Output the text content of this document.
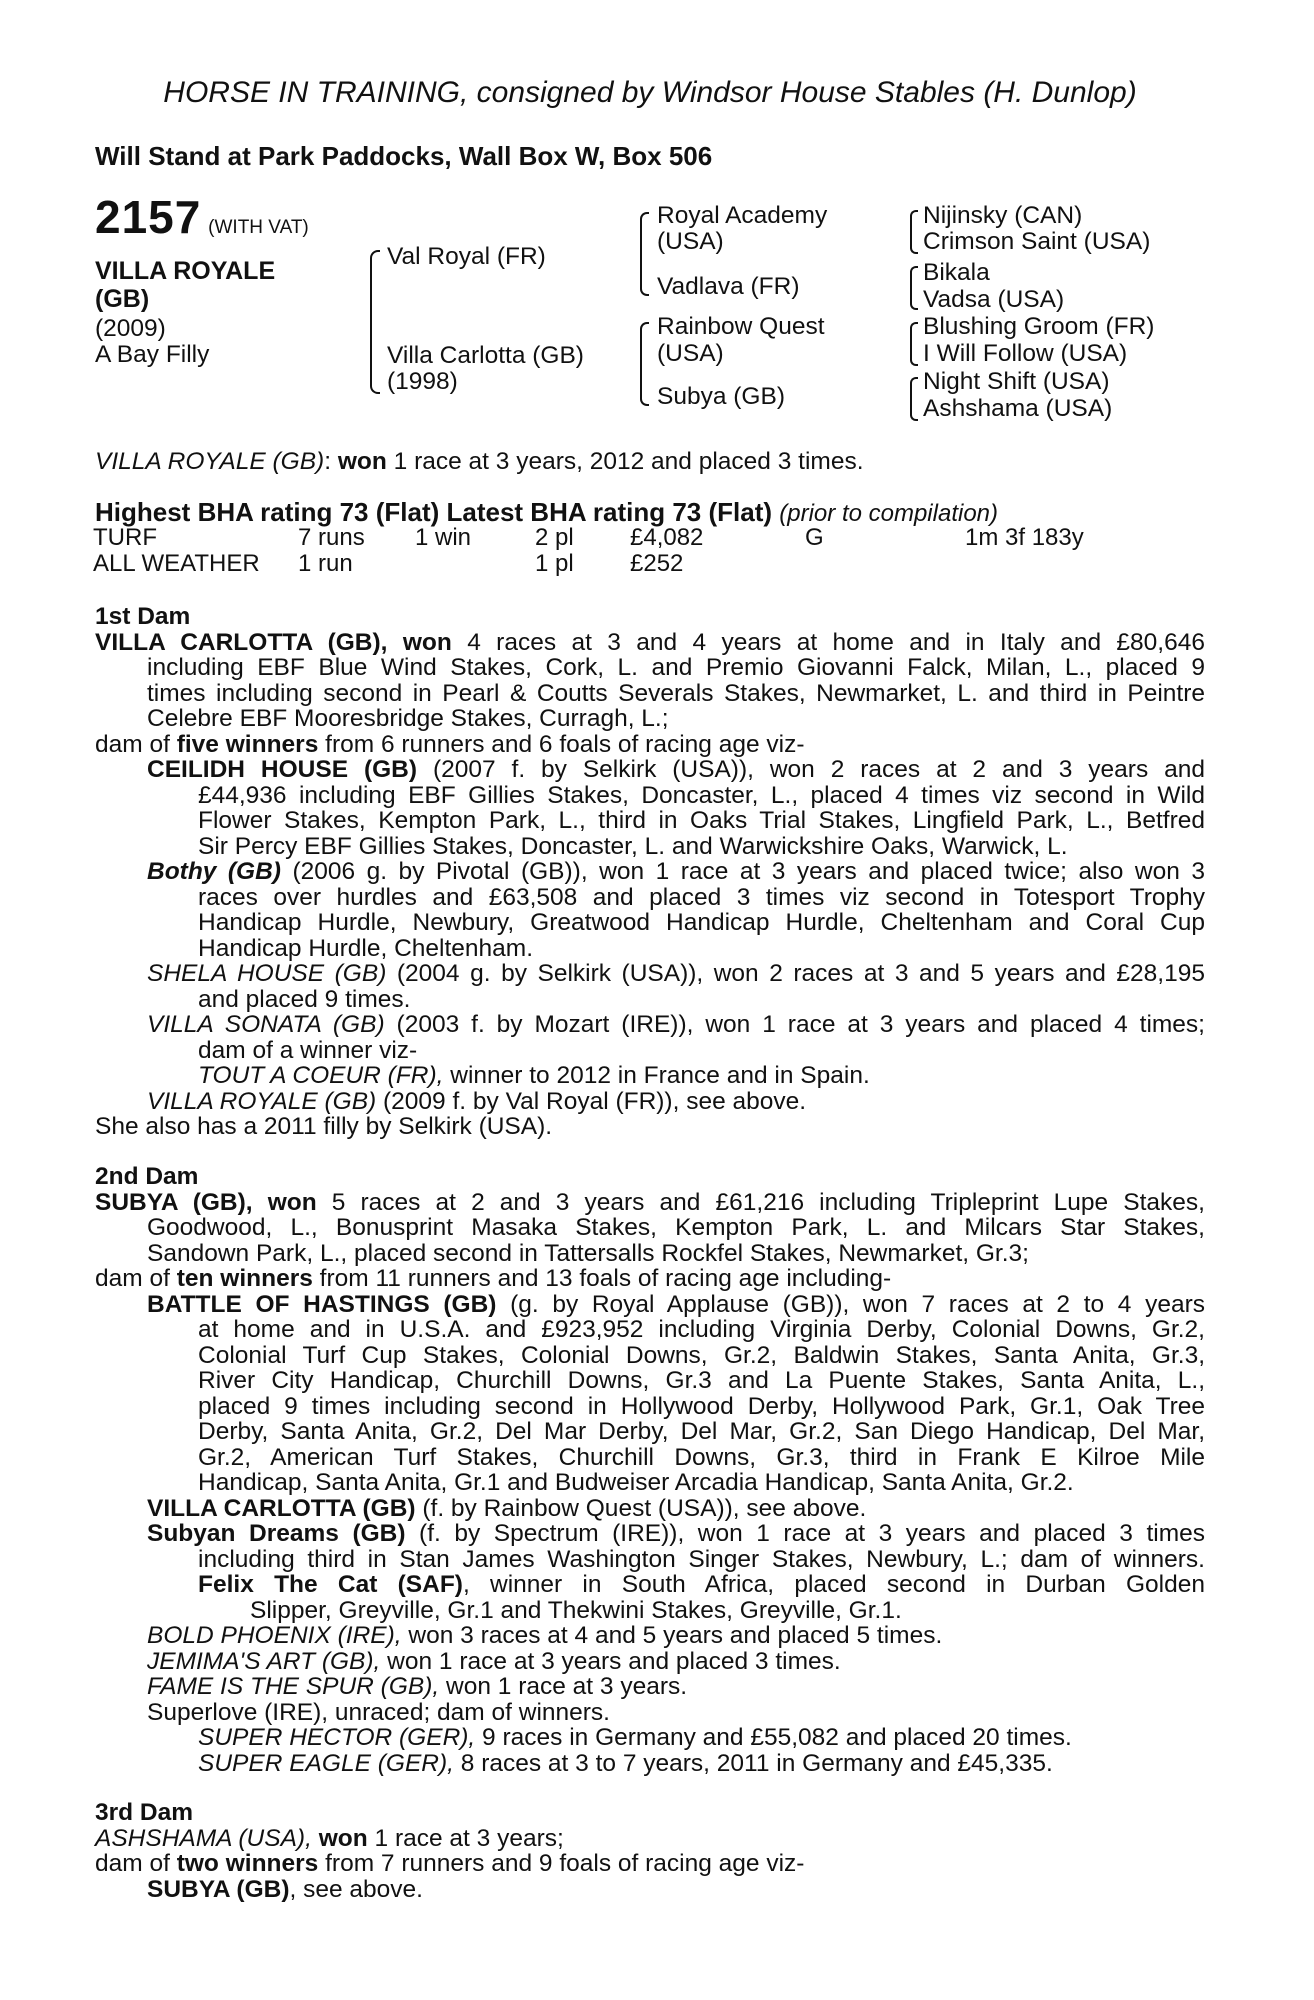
HORSE IN TRAINING, consigned by Windsor House Stables (H. Dunlop)
Will Stand at Park Paddocks, Wall Box W, Box 506
2157 (WITH VAT)
VILLA ROYALE
(GB)
(2009)
A Bay Filly
Val Royal (FR)
Villa Carlotta (GB)
(1998)
Royal Academy
(USA)
Vadlava (FR)
Rainbow Quest
(USA)
Subya (GB)
Nijinsky (CAN)
Crimson Saint (USA)
Bikala
Vadsa (USA)
Blushing Groom (FR)
I Will Follow (USA)
Night Shift (USA)
Ashshama (USA)
VILLA ROYALE (GB): won 1 race at 3 years, 2012 and placed 3 times.
Highest BHA rating 73 (Flat) Latest BHA rating 73 (Flat) (prior to compilation)
TURF	7 runs	1 win	2 pl	£4,082	G	1m 3f 183y
ALL WEATHER	1 run		1 pl	£252		
1st Dam
VILLA CARLOTTA (GB), won 4 races at 3 and 4 years at home and in Italy and £80,646
including EBF Blue Wind Stakes, Cork, L. and Premio Giovanni Falck, Milan, L., placed 9
times including second in Pearl & Coutts Severals Stakes, Newmarket, L. and third in Peintre
Celebre EBF Mooresbridge Stakes, Curragh, L.;
dam of five winners from 6 runners and 6 foals of racing age viz-
CEILIDH HOUSE (GB) (2007 f. by Selkirk (USA)), won 2 races at 2 and 3 years and
£44,936 including EBF Gillies Stakes, Doncaster, L., placed 4 times viz second in Wild
Flower Stakes, Kempton Park, L., third in Oaks Trial Stakes, Lingfield Park, L., Betfred
Sir Percy EBF Gillies Stakes, Doncaster, L. and Warwickshire Oaks, Warwick, L.
Bothy (GB) (2006 g. by Pivotal (GB)), won 1 race at 3 years and placed twice; also won 3
races over hurdles and £63,508 and placed 3 times viz second in Totesport Trophy
Handicap Hurdle, Newbury, Greatwood Handicap Hurdle, Cheltenham and Coral Cup
Handicap Hurdle, Cheltenham.
SHELA HOUSE (GB) (2004 g. by Selkirk (USA)), won 2 races at 3 and 5 years and £28,195
and placed 9 times.
VILLA SONATA (GB) (2003 f. by Mozart (IRE)), won 1 race at 3 years and placed 4 times;
dam of a winner viz-
TOUT A COEUR (FR), winner to 2012 in France and in Spain.
VILLA ROYALE (GB) (2009 f. by Val Royal (FR)), see above.
She also has a 2011 filly by Selkirk (USA).
2nd Dam
SUBYA (GB), won 5 races at 2 and 3 years and £61,216 including Tripleprint Lupe Stakes,
Goodwood, L., Bonusprint Masaka Stakes, Kempton Park, L. and Milcars Star Stakes,
Sandown Park, L., placed second in Tattersalls Rockfel Stakes, Newmarket, Gr.3;
dam of ten winners from 11 runners and 13 foals of racing age including-
BATTLE OF HASTINGS (GB) (g. by Royal Applause (GB)), won 7 races at 2 to 4 years
at home and in U.S.A. and £923,952 including Virginia Derby, Colonial Downs, Gr.2,
Colonial Turf Cup Stakes, Colonial Downs, Gr.2, Baldwin Stakes, Santa Anita, Gr.3,
River City Handicap, Churchill Downs, Gr.3 and La Puente Stakes, Santa Anita, L.,
placed 9 times including second in Hollywood Derby, Hollywood Park, Gr.1, Oak Tree
Derby, Santa Anita, Gr.2, Del Mar Derby, Del Mar, Gr.2, San Diego Handicap, Del Mar,
Gr.2, American Turf Stakes, Churchill Downs, Gr.3, third in Frank E Kilroe Mile
Handicap, Santa Anita, Gr.1 and Budweiser Arcadia Handicap, Santa Anita, Gr.2.
VILLA CARLOTTA (GB) (f. by Rainbow Quest (USA)), see above.
Subyan Dreams (GB) (f. by Spectrum (IRE)), won 1 race at 3 years and placed 3 times
including third in Stan James Washington Singer Stakes, Newbury, L.; dam of winners.
Felix The Cat (SAF), winner in South Africa, placed second in Durban Golden
Slipper, Greyville, Gr.1 and Thekwini Stakes, Greyville, Gr.1.
BOLD PHOENIX (IRE), won 3 races at 4 and 5 years and placed 5 times.
JEMIMA'S ART (GB), won 1 race at 3 years and placed 3 times.
FAME IS THE SPUR (GB), won 1 race at 3 years.
Superlove (IRE), unraced; dam of winners.
SUPER HECTOR (GER), 9 races in Germany and £55,082 and placed 20 times.
SUPER EAGLE (GER), 8 races at 3 to 7 years, 2011 in Germany and £45,335.
3rd Dam
ASHSHAMA (USA), won 1 race at 3 years;
dam of two winners from 7 runners and 9 foals of racing age viz-
SUBYA (GB), see above.
